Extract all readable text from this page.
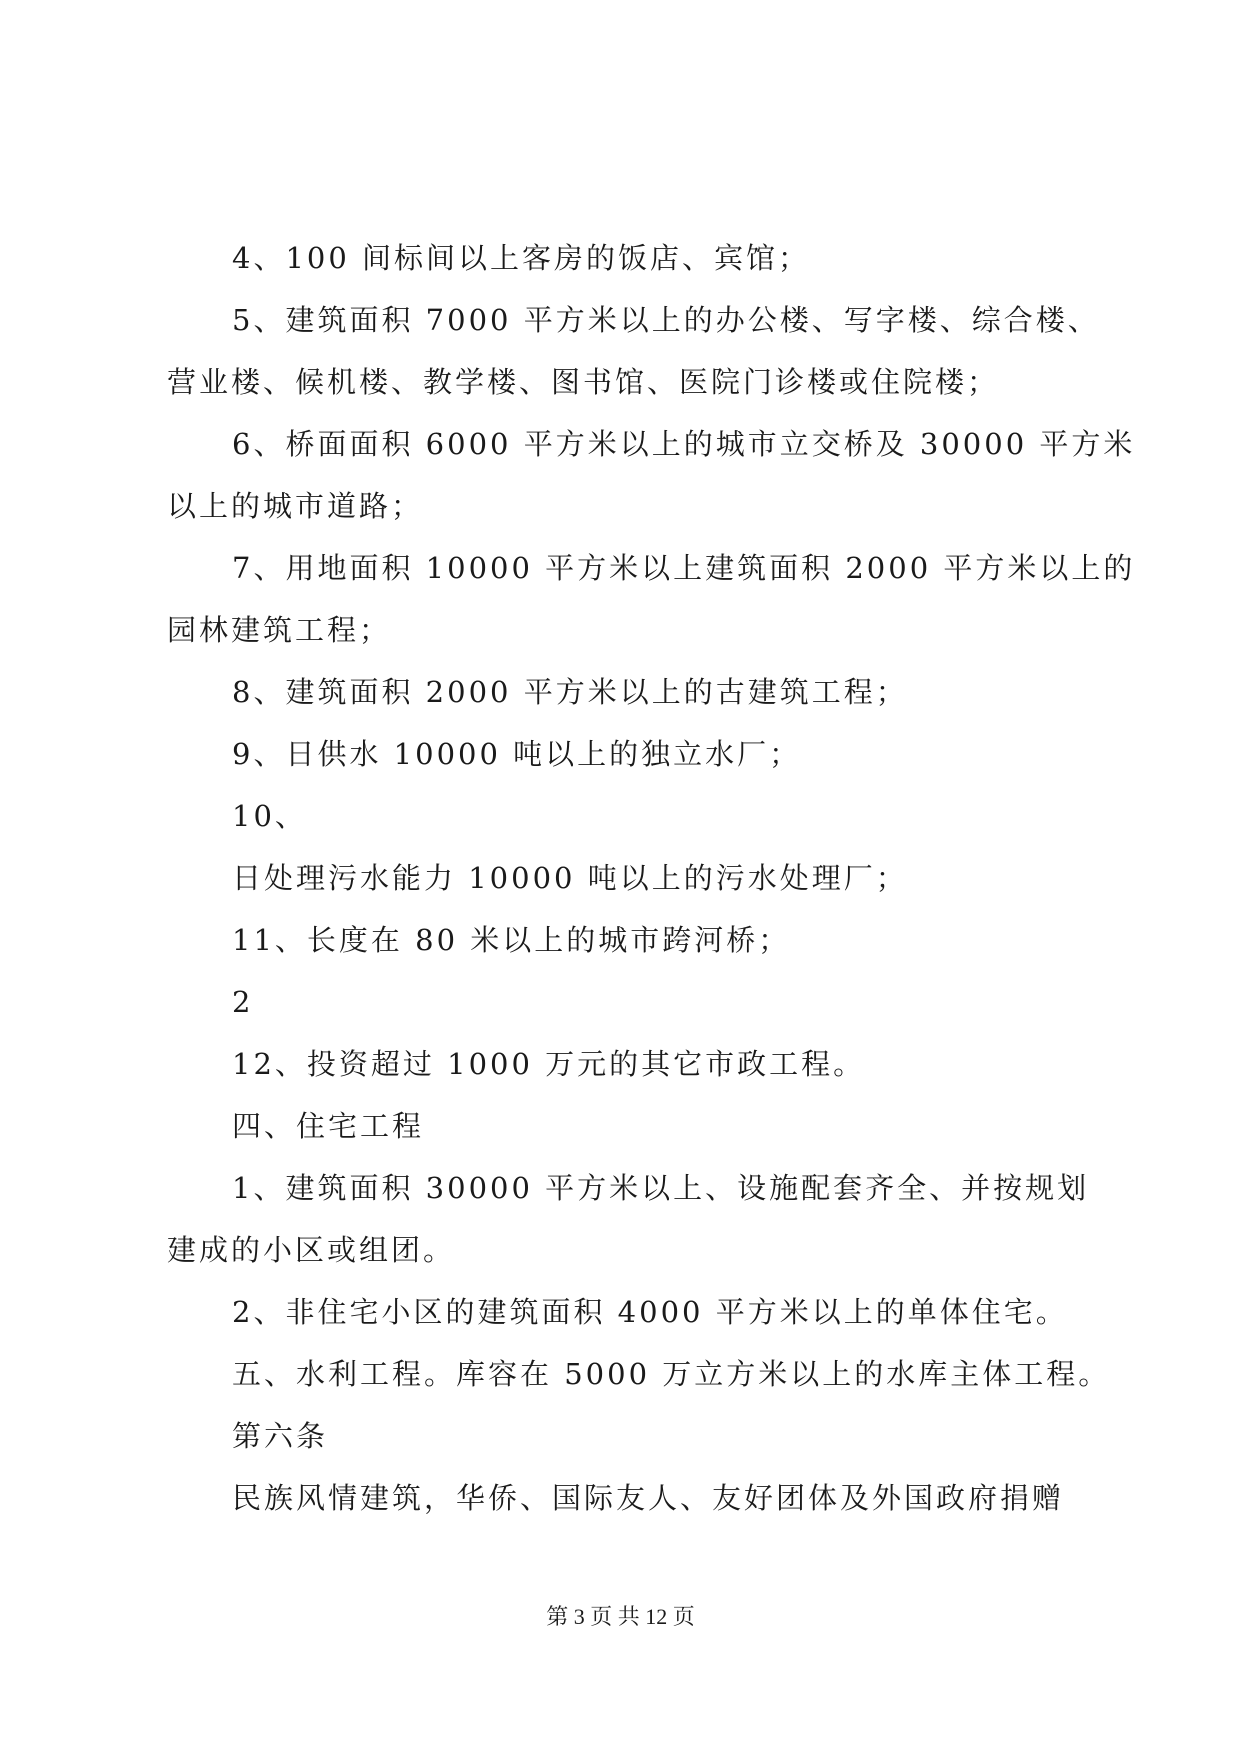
4、100 间标间以上客房的饭店、宾馆；
5、建筑面积 7000 平方米以上的办公楼、写字楼、综合楼、
营业楼、候机楼、教学楼、图书馆、医院门诊楼或住院楼；
6、桥面面积 6000 平方米以上的城市立交桥及 30000 平方米
以上的城市道路；
7、用地面积 10000 平方米以上建筑面积 2000 平方米以上的
园林建筑工程；
8、建筑面积 2000 平方米以上的古建筑工程；
9、日供水 10000 吨以上的独立水厂；
10、
日处理污水能力 10000 吨以上的污水处理厂；
11、长度在 80 米以上的城市跨河桥；
2
12、投资超过 1000 万元的其它市政工程。
四、住宅工程
1、建筑面积 30000 平方米以上、设施配套齐全、并按规划
建成的小区或组团。
2、非住宅小区的建筑面积 4000 平方米以上的单体住宅。
五、水利工程。库容在 5000 万立方米以上的水库主体工程。
第六条
民族风情建筑，华侨、国际友人、友好团体及外国政府捐赠
第 3 页 共 12 页
